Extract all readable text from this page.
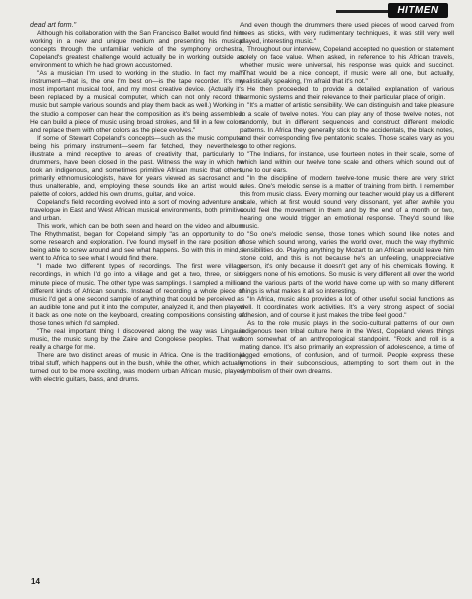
HITMEN

dead art form."

Although his collaboration with the San Francisco Ballet would find him working in a new and unique medium and presenting his musical concepts through the unfamiliar vehicle of the symphony orchestra, Copeland's greatest challenge would actually be in working outside an environment to which he had grown accustomed.

"As a musician I'm used to working in the studio. In fact my main instrument—that is, the one I'm best on—is the tape recorder. It's my most important musical tool, and my most creative device. (Actually it's been replaced by a musical computer, which can not only record the music but sample various sounds and play them back as well.) Working in the studio a composer can hear the composition as it's being assembled. He can build a piece of music using broad strokes, and fill in a few colors and replace them with other colors as the piece evolves."

If some of Stewart Copeland's concepts—such as the music computer being his primary instrument—seem far fetched, they nevertheless illustrate a mind receptive to areas of creativity that, particularly to drummers, have been closed in the past. Witness the way in which he took an indigenous, and sometimes primitive African music that others, primarily ethnomusicologists, have for years viewed as sacrosanct and thus unalterable, and, employing these sounds like an artist would a palette of colors, added his own drums, guitar, and voice.

Copeland's field recording evolved into a sort of moving adventure and travelogue in East and West African musical environments, both primitive and urban.

This work, which can be both seen and heard on the video and album The Rhythmatist, began for Copeland simply "as an opportunity to do some research and exploration. I've found myself in the rare position of being able to screw around and see what happens. So with this in mind, I went to Africa to see what I would find there.

"I made two different types of recordings. The first were village recordings, in which I'd go into a village and get a two, three, or six-minute piece of music. The other type was samplings. I sampled a million different kinds of African sounds. Instead of recording a whole piece of music I'd get a one second sample of anything that could be perceived as an audible tone and put it into the computer, analyzed it, and then played it back as one note on the keyboard, creating compositions consisting of those tones which I'd sampled.

"The real important thing I discovered along the way was Lingaua music, the music sung by the Zaire and Congolese peoples. That was really a charge for me.

There are two distinct areas of music in Africa. One is the traditional tribal stuff, which happens out in the bush, while the other, which actually turned out to be more exciting, was modern urban African music, played with electric guitars, bass, and drums.

And even though the drummers there used pieces of wood carved from trees as sticks, with very rudimentary techniques, it was still very well played, interesting music."

Throughout our interview, Copeland accepted no question or statement solely on face value. When asked, in reference to his African travels, whether music were universal, his response was quick and succinct. "That would be a nice concept, if music were all one, but actually, realistically speaking, I'm afraid that it's not."

He then proceeded to provide a detailed explanation of various harmonic systems and their relevance to their particular place of origin.

"It's a matter of artistic sensibility. We can distinguish and take pleasure in a scale of twelve notes. You can play any of those twelve notes, not randomly, but in different sequences and construct different melodic patterns. In Africa they generally stick to the accidentals, the black notes, and their corresponding five pentatonic scales. Those scales vary as you go to other regions.

"The Indians, for instance, use fourteen notes in their scale, some of which land within our twelve tone scale and others which sound out of tune to our ears.

"In the discipline of modern twelve-tone music there are very strict rules. One's melodic sense is a matter of training from birth. I remember this from music class. Every morning our teacher would play us a different scale, which at first would sound very dissonant, yet after awhile you could feel the movement in them and by the end of a month or two, hearing one would trigger an emotional response. They'd sound like music.

"So one's melodic sense, those tones which sound like notes and those which sound wrong, varies the world over, much the way rhythmic sensibilities do. Playing anything by Mozart to an African would leave him stone cold, and this is not because he's an unfeeling, unappreciative person, it's only because it doesn't get any of his chemicals flowing. It triggers none of his emotions. So music is very different all over the world and the various parts of the world have come up with so many different things is what makes it all so interesting.

"In Africa, music also provides a lot of other useful social functions as well. It coordinates work activities. It's a very strong aspect of social adhesion, and of course it just makes the tribe feel good."

As to the role music plays in the socio-cultural patterns of our own indigenous teen tribal culture here in the West, Copeland views things from somewhat of an anthropological standpoint. "Rock and roll is a mating dance. It's also primarily an expression of adolescence, a time of jagged emotions, of confusion, and of turmoil. People express these emotions in their subconscious, attempting to sort them out in the symbolism of their own dreams.

14
